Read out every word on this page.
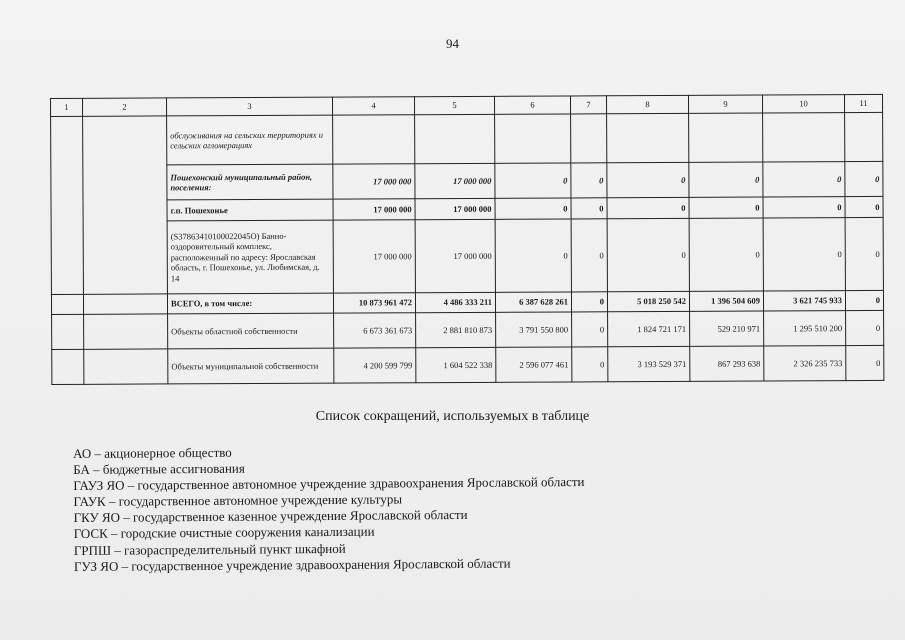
94
1	2	3	4	5	6	7	8	9	10	11
		обслуживания на сельских территориях и сельских агломерациях								
		Пошехонский муниципальный район, поселения:	17 000 000	17 000 000	0	0	0	0	0	0
		г.п. Пошехонье	17 000 000	17 000 000	0	0	0	0	0	0
		(S37863410100022045О) Банно-оздоровительный комплекс, расположенный по адресу: Ярославская область, г. Пошехонье, ул. Любимская, д. 14	17 000 000	17 000 000	0	0	0	0	0	0
		ВСЕГО, в том числе:	10 873 961 472	4 486 333 211	6 387 628 261	0	5 018 250 542	1 396 504 609	3 621 745 933	0
		Объекты областной собственности	6 673 361 673	2 881 810 873	3 791 550 800	0	1 824 721 171	529 210 971	1 295 510 200	0
		Объекты муниципальной собственности	4 200 599 799	1 604 522 338	2 596 077 461	0	3 193 529 371	867 293 638	2 326 235 733	0
Список сокращений, используемых в таблице
АО – акционерное общество
БА – бюджетные ассигнования
ГАУЗ ЯО – государственное автономное учреждение здравоохранения Ярославской области
ГАУК – государственное автономное учреждение культуры
ГКУ ЯО – государственное казенное учреждение Ярославской области
ГОСК – городские очистные сооружения канализации
ГРПШ – газораспределительный пункт шкафной
ГУЗ ЯО – государственное учреждение здравоохранения Ярославской области
